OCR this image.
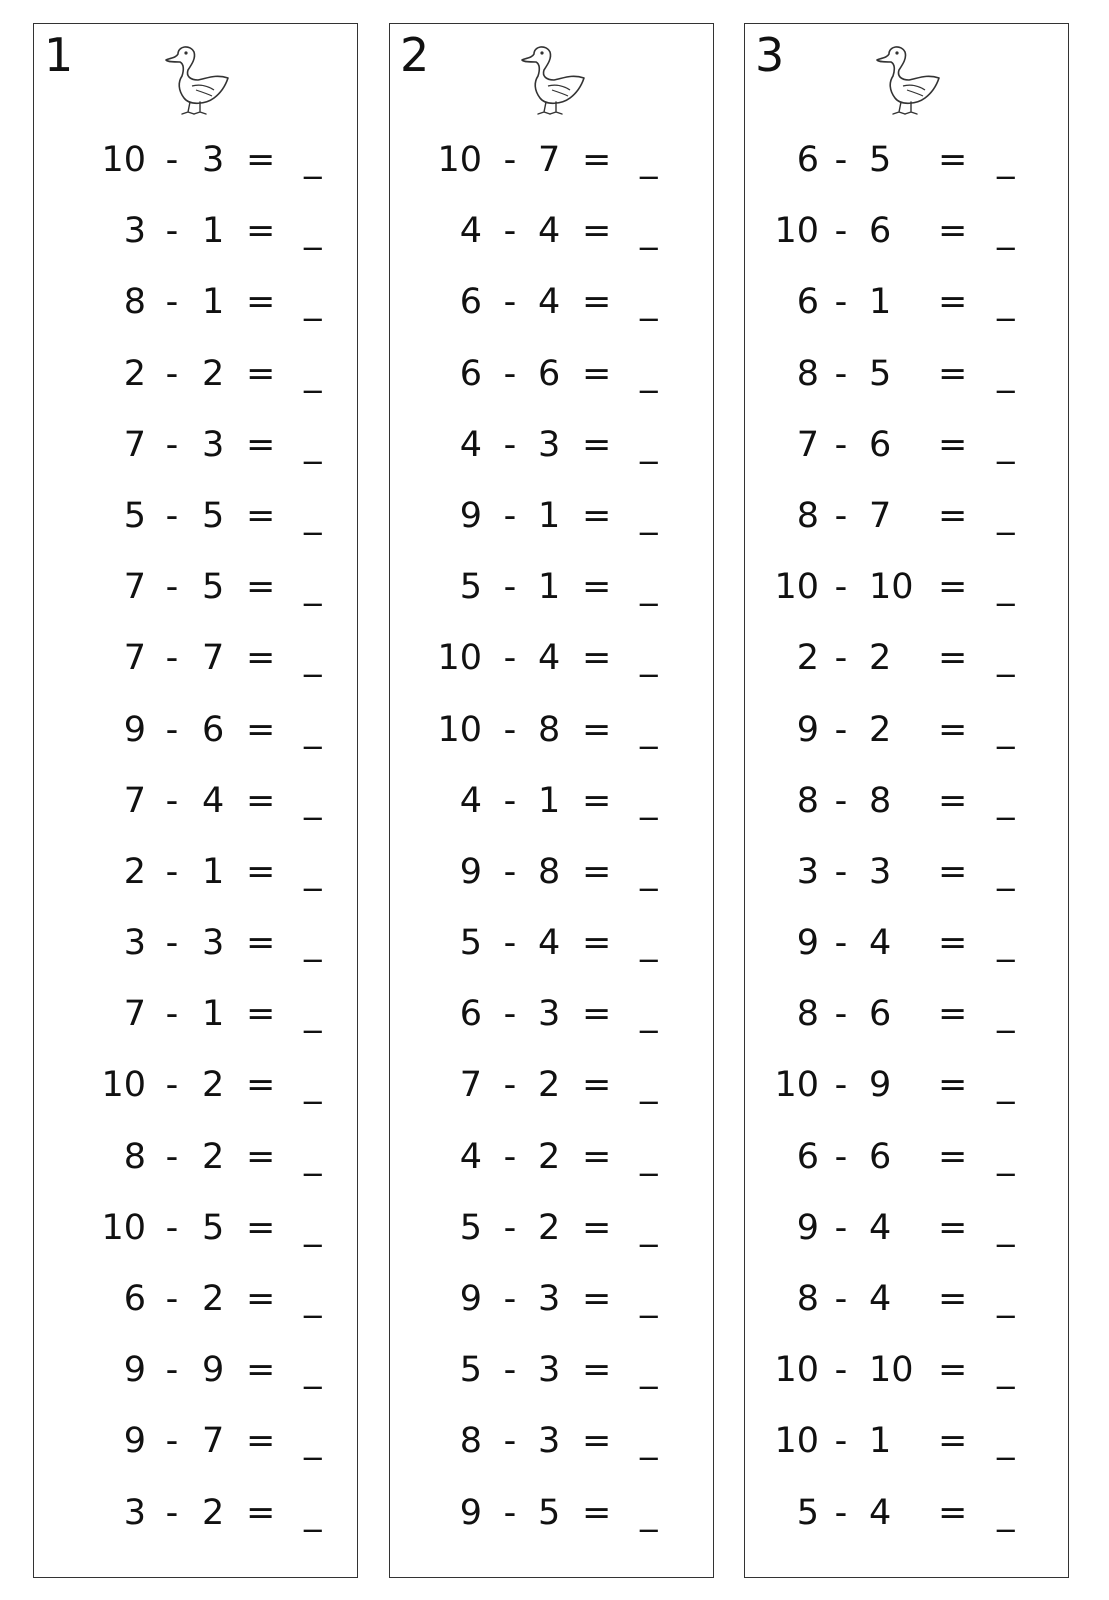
1
10 - 3 = _
3 - 1 = _
8 - 1 = _
2 - 2 = _
7 - 3 = _
5 - 5 = _
7 - 5 = _
7 - 7 = _
9 - 6 = _
7 - 4 = _
2 - 1 = _
3 - 3 = _
7 - 1 = _
10 - 2 = _
8 - 2 = _
10 - 5 = _
6 - 2 = _
9 - 9 = _
9 - 7 = _
3 - 2 = _
2
10 - 7 = _
4 - 4 = _
6 - 4 = _
6 - 6 = _
4 - 3 = _
9 - 1 = _
5 - 1 = _
10 - 4 = _
10 - 8 = _
4 - 1 = _
9 - 8 = _
5 - 4 = _
6 - 3 = _
7 - 2 = _
4 - 2 = _
5 - 2 = _
9 - 3 = _
5 - 3 = _
8 - 3 = _
9 - 5 = _
3
6 - 5	= _
10 - 6	= _
6 - 1	= _
8 - 5	= _
7 - 6	= _
8 - 7	= _
10 - 10 = _
2 - 2	= _
9 - 2	= _
8 - 8	= _
3 - 3	= _
9 - 4	= _
8 - 6	= _
10 - 9	= _
6 - 6	= _
9 - 4	= _
8 - 4	= _
10 - 10 = _
10 - 1	= _
5 - 4	= _
